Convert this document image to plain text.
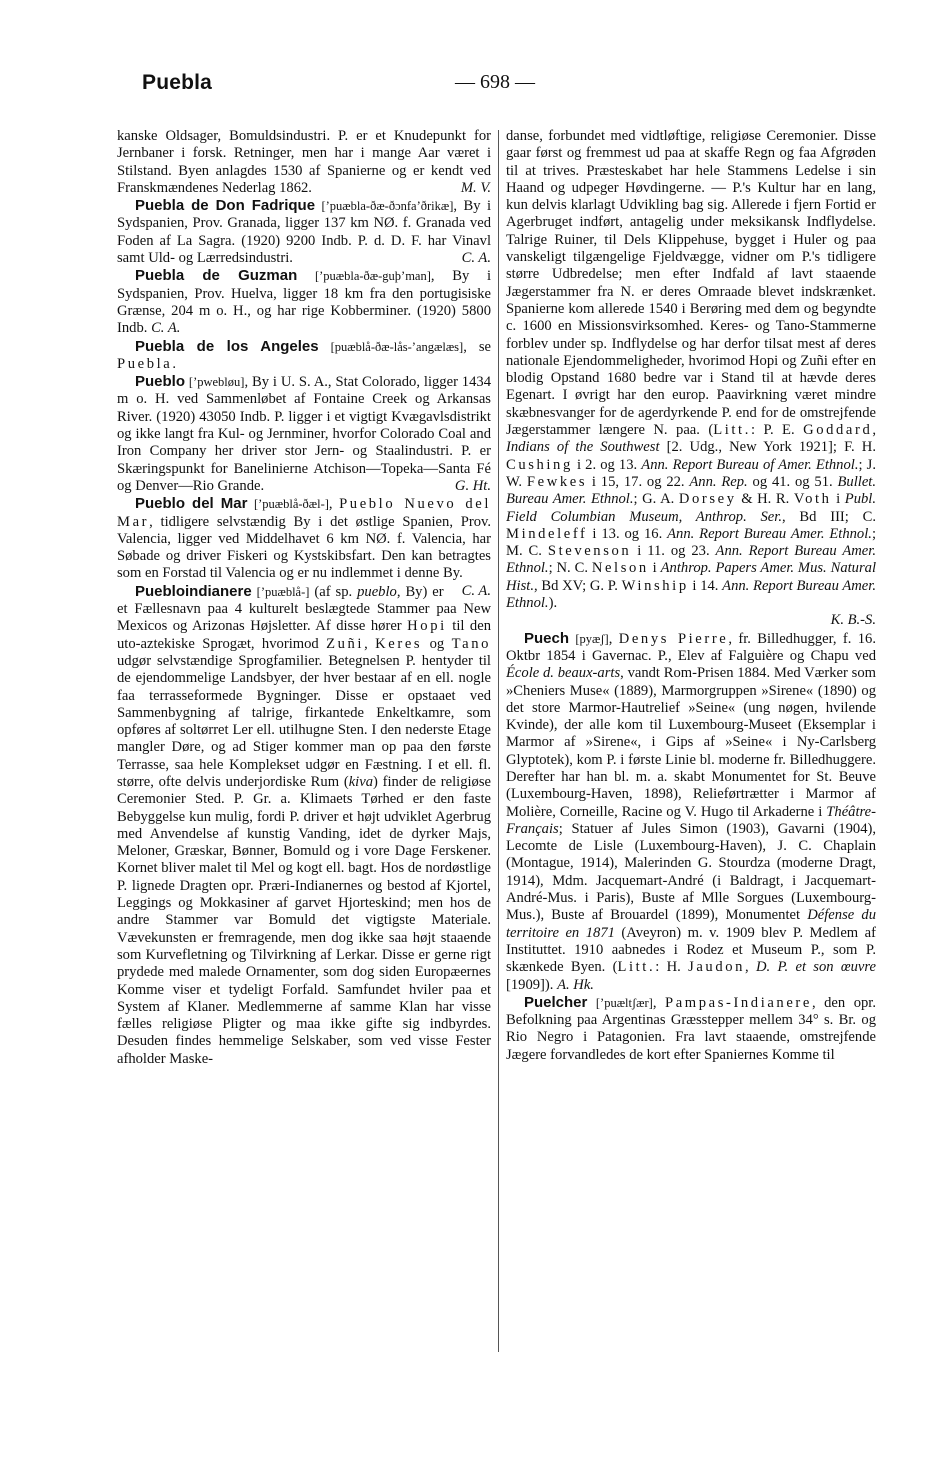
Puebla	— 698 —

kanske Oldsager, Bomuldsindustri. P. er et Knudepunkt for Jernbaner i forsk. Retninger, men har i mange Aar været i Stilstand. Byen anlagdes 1530 af Spanierne og er kendt ved Franskmændenes Nederlag 1862.	M. V.

Puebla de Don Fadrique [ʼpuæbla-ðæ-ðɔnfaʼðrikæ], By i Sydspanien, Prov. Granada, ligger 137 km NØ. f. Granada ved Foden af La Sagra. (1920) 9200 Indb. P. d. D. F. har Vinavl samt Uld- og Lærredsindustri.	C. A.

Puebla de Guzman [ʼpuæbla-ðæ-guþʼman], By i Sydspanien, Prov. Huelva, ligger 18 km fra den portugisiske Grænse, 204 m o. H., og har rige Kobberminer. (1920) 5800 Indb. C. A.

Puebla de los Angeles [puæblå-ðæ-lås-ʼangælæs], se Puebla.

Pueblo [ʼpwebløu], By i U. S. A., Stat Colorado, ligger 1434 m o. H. ved Sammenløbet af Fontaine Creek og Arkansas River. (1920) 43050 Indb. P. ligger i et vigtigt Kvægavlsdistrikt og ikke langt fra Kul- og Jernminer, hvorfor Colorado Coal and Iron Company her driver stor Jern- og Staalindustri. P. er Skæringspunkt for Banelinierne Atchison—Topeka—Santa Fé og Denver—Rio Grande.	G. Ht.

Pueblo del Mar [ʼpuæblå-ðæl-], Pueblo Nuevo del Mar, tidligere selvstændig By i det østlige Spanien, Prov. Valencia, ligger ved Middelhavet 6 km NØ. f. Valencia, har Søbade og driver Fiskeri og Kystskibsfart. Den kan betragtes som en Forstad til Valencia og er nu indlemmet i denne By.
C. A.

Puebloindianere [ʼpuæblå-] (af sp. pueblo, By) er et Fællesnavn paa 4 kulturelt beslægtede Stammer paa New Mexicos og Arizonas Højsletter. Af disse hører Hopi til den uto-aztekiske Sprogæt, hvorimod Zuñi, Keres og Tano udgør selvstændige Sprogfamilier. Betegnelsen P. hentyder til de ejendommelige Landsbyer, der hver bestaar af en ell. nogle faa terrasseformede Bygninger. Disse er opstaaet ved Sammenbygning af talrige, firkantede Enkeltkamre, som opføres af soltørret Ler ell. utilhugne Sten. I den nederste Etage mangler Døre, og ad Stiger kommer man op paa den første Terrasse, saa hele Komplekset udgør en Fæstning. I et ell. fl. større, ofte delvis underjordiske Rum (kiva) finder de religiøse Ceremonier Sted. P. Gr. a. Klimaets Tørhed er den faste Bebyggelse kun mulig, fordi P. driver et højt udviklet Agerbrug med Anvendelse af kunstig Vanding, idet de dyrker Majs, Meloner, Græskar, Bønner, Bomuld og i vore Dage Ferskener. Kornet bliver malet til Mel og kogt ell. bagt. Hos de nordøstlige P. lignede Dragten opr. Præri-Indianernes og bestod af Kjortel, Leggings og Mokkasiner af garvet Hjorteskind; men hos de andre Stammer var Bomuld det vigtigste Materiale. Vævekunsten er fremragende, men dog ikke saa højt staaende som Kurvefletning og Tilvirkning af Lerkar. Disse er gerne rigt prydede med malede Ornamenter, som dog siden Europæernes Komme viser et tydeligt Forfald. Samfundet hviler paa et System af Klaner. Medlemmerne af samme Klan har visse fælles religiøse Pligter og maa ikke gifte sig indbyrdes. Desuden findes hemmelige Selskaber, som ved visse Fester afholder Maske-

danse, forbundet med vidtløftige, religiøse Ceremonier. Disse gaar først og fremmest ud paa at skaffe Regn og faa Afgrøden til at trives. Præsteskabet har hele Stammens Ledelse i sin Haand og udpeger Høvdingerne. — P.'s Kultur har en lang, kun delvis klarlagt Udvikling bag sig. Allerede i fjern Fortid er Agerbruget indført, antagelig under meksikansk Indflydelse. Talrige Ruiner, til Dels Klippehuse, bygget i Huler og paa vanskeligt tilgængelige Fjeldvægge, vidner om P.'s tidligere større Udbredelse; men efter Indfald af lavt staaende Jægerstammer fra N. er deres Omraade blevet indskrænket. Spanierne kom allerede 1540 i Berøring med dem og begyndte c. 1600 en Missionsvirksomhed. Keres- og Tano-Stammerne forblev under sp. Indflydelse og har derfor tilsat mest af deres nationale Ejendommeligheder, hvorimod Hopi og Zuñi efter en blodig Opstand 1680 bedre var i Stand til at hævde deres Egenart. I øvrigt har den europ. Paavirkning været mindre skæbnesvanger for de agerdyrkende P. end for de omstrejfende Jægerstammer længere N. paa. (Litt.: P. E. Goddard, Indians of the Southwest [2. Udg., New York 1921]; F. H. Cushing i 2. og 13. Ann. Report Bureau of Amer. Ethnol.; J. W. Fewkes i 15, 17. og 22. Ann. Rep. og 41. og 51. Bullet. Bureau Amer. Ethnol.; G. A. Dorsey & H. R. Voth i Publ. Field Columbian Museum, Anthrop. Ser., Bd III; C. Mindeleff i 13. og 16. Ann. Report Bureau Amer. Ethnol.; M. C. Stevenson i 11. og 23. Ann. Report Bureau Amer. Ethnol.; N. C. Nelson i Anthrop. Papers Amer. Mus. Natural Hist., Bd XV; G. P. Winship i 14. Ann. Report Bureau Amer. Ethnol.).
K. B.-S.

Puech [pyæʃ], Denys Pierre, fr. Billedhugger, f. 16. Oktbr 1854 i Gavernac. P., Elev af Falguière og Chapu ved École d. beaux-arts, vandt Rom-Prisen 1884. Med Værker som »Cheniers Muse« (1889), Marmorgruppen »Sirene« (1890) og det store Marmor-Hautrelief »Seine« (ung nøgen, hvilende Kvinde), der alle kom til Luxembourg-Museet (Eksemplar i Marmor af »Sirene«, i Gips af »Seine« i Ny-Carlsberg Glyptotek), kom P. i første Linie bl. moderne fr. Billedhuggere. Derefter har han bl. m. a. skabt Monumentet for St. Beuve (Luxembourg-Haven, 1898), Relieførtrætter i Marmor af Molière, Corneille, Racine og V. Hugo til Arkaderne i Théâtre-Français; Statuer af Jules Simon (1903), Gavarni (1904), Lecomte de Lisle (Luxembourg-Haven), J. C. Chaplain (Montague, 1914), Malerinden G. Stourdza (moderne Dragt, 1914), Mdm. Jacquemart-André (i Baldragt, i Jacquemart-André-Mus. i Paris), Buste af Mlle Sorgues (Luxembourg-Mus.), Buste af Brouardel (1899), Monumentet Défense du territoire en 1871 (Aveyron) m. v. 1909 blev P. Medlem af Instituttet. 1910 aabnedes i Rodez et Museum P., som P. skænkede Byen. (Litt.: H. Jaudon, D. P. et son œuvre [1909]). A. Hk.

Puelcher [ʼpuæltʃær], Pampas-Indianere, den opr. Befolkning paa Argentinas Græsstepper mellem 34° s. Br. og Rio Negro i Patagonien. Fra lavt staaende, omstrejfende Jægere forvandledes de kort efter Spaniernes Komme til
